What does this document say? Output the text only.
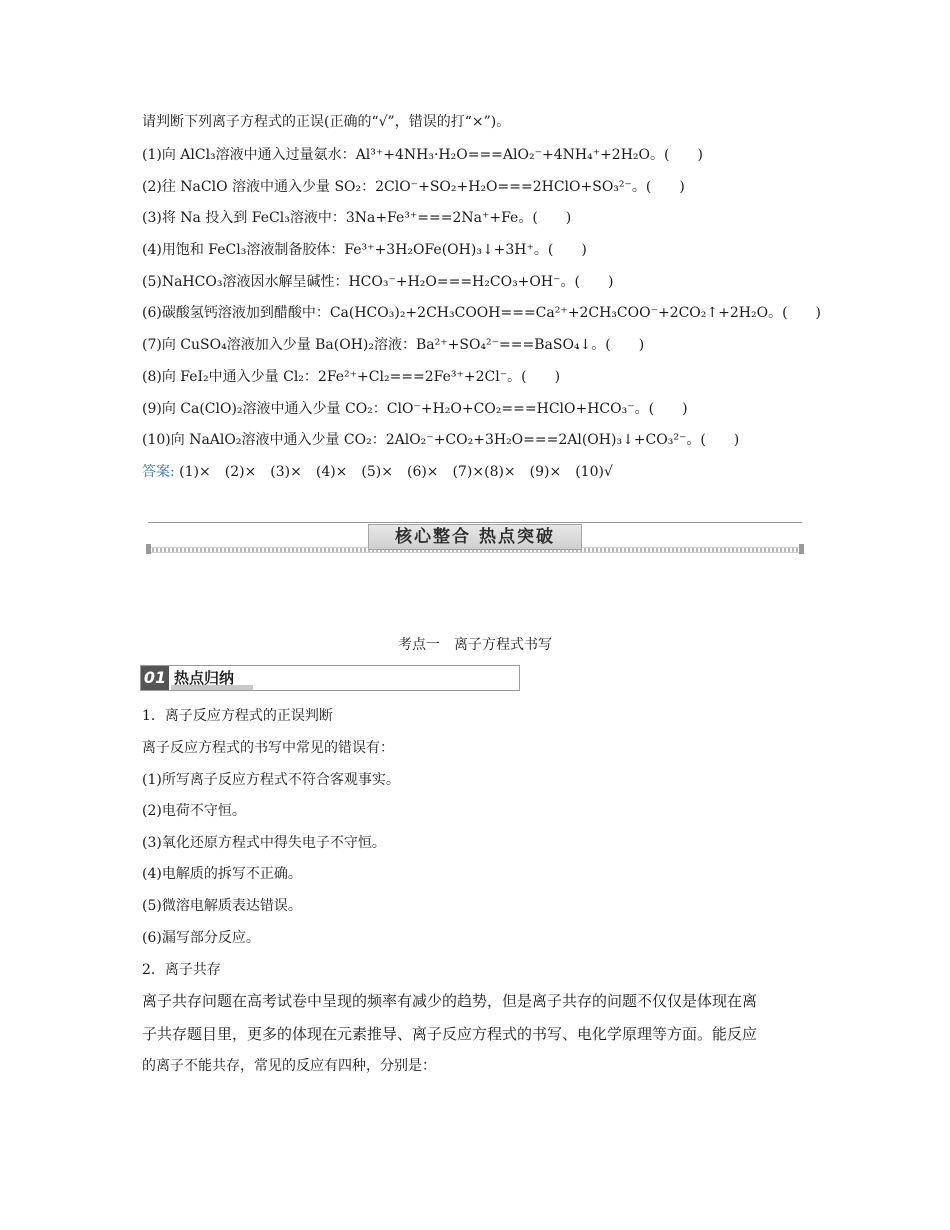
请判断下列离子方程式的正误(正确的“√”，错误的打“×”)。
(1)向 AlCl₃溶液中通入过量氨水：Al³⁺+4NH₃·H₂O===AlO₂⁻+4NH₄⁺+2H₂O。(　　)
(2)往 NaClO 溶液中通入少量 SO₂：2ClO⁻+SO₂+H₂O===2HClO+SO₃²⁻。(　　)
(3)将 Na 投入到 FeCl₃溶液中：3Na+Fe³⁺===2Na⁺+Fe。(　　)
(4)用饱和 FeCl₃溶液制备胶体：Fe³⁺+3H₂OFe(OH)₃↓+3H⁺。(　　)
(5)NaHCO₃溶液因水解呈碱性：HCO₃⁻+H₂O===H₂CO₃+OH⁻。(　　)
(6)碳酸氢钙溶液加到醋酸中：Ca(HCO₃)₂+2CH₃COOH===Ca²⁺+2CH₃COO⁻+2CO₂↑+2H₂O。(　　)
(7)向 CuSO₄溶液加入少量 Ba(OH)₂溶液：Ba²⁺+SO₄²⁻===BaSO₄↓。(　　)
(8)向 FeI₂中通入少量 Cl₂：2Fe²⁺+Cl₂===2Fe³⁺+2Cl⁻。(　　)
(9)向 Ca(ClO)₂溶液中通入少量 CO₂：ClO⁻+H₂O+CO₂===HClO+HCO₃⁻。(　　)
(10)向 NaAlO₂溶液中通入少量 CO₂：2AlO₂⁻+CO₂+3H₂O===2Al(OH)₃↓+CO₃²⁻。(　　)
答案: (1)×　(2)×　(3)×　(4)×　(5)×　(6)×　(7)×(8)×　(9)×　(10)√
核心整合 热点突破
考点一　离子方程式书写
01 热点归纳
1．离子反应方程式的正误判断
离子反应方程式的书写中常见的错误有：
(1)所写离子反应方程式不符合客观事实。
(2)电荷不守恒。
(3)氧化还原方程式中得失电子不守恒。
(4)电解质的拆写不正确。
(5)微溶电解质表达错误。
(6)漏写部分反应。
2．离子共存
离子共存问题在高考试卷中呈现的频率有减少的趋势，但是离子共存的问题不仅仅是体现在离
子共存题目里，更多的体现在元素推导、离子反应方程式的书写、电化学原理等方面。能反应
的离子不能共存，常见的反应有四种，分别是：
